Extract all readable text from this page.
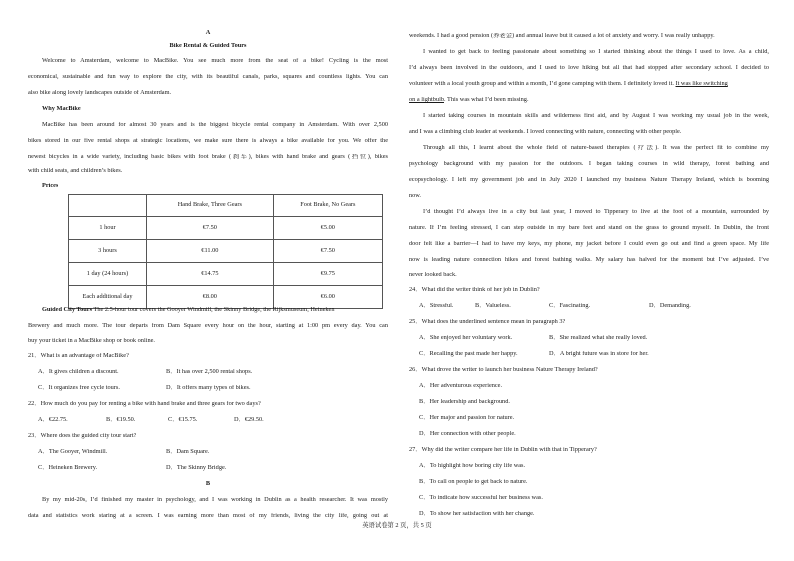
A
Bike Rental & Guided Tours
Welcome to Amsterdam, welcome to MacBike. You see much more from the seat of a bike! Cycling is the most
economical, sustainable and fun way to explore the city, with its beautiful canals, parks, squares and countless lights. You can
also bike along lovely landscapes outside of Amsterdam.
Why MacBike
MacBike has been around for almost 30 years and is the biggest bicycle rental company in Amsterdam. With over 2,500
bikes stored in our five rental shops at strategic locations, we make sure there is always a bike available for you. We offer the
newest bicycles in a wide variety, including basic bikes with foot brake (刹车), bikes with hand brake and gears (挡位), bikes
with child seats, and children’s bikes.
Prices
	Hand Brake, Three Gears	Foot Brake, No Gears
1 hour	€7.50	€5.00
3 hours	€11.00	€7.50
1 day (24 hours)	€14.75	€9.75
Each additional day	€8.00	€6.00
Guided City Tours The 2.5-hour tour covers the Gooyer Windmill, the Skinny Bridge, the Rijksmuseum, Heineken
Brewery and much more. The tour departs from Dam Square every hour on the hour, starting at 1:00 pm every day. You can
buy your ticket in a MacBike shop or book online.
21．What is an advantage of MacBike?
A．It gives children a discount.	B．It has over 2,500 rental shops.
C．It organizes free cycle tours.	D．It offers many types of bikes.
22．How much do you pay for renting a bike with hand brake and three gears for two days?
A．€22.75.	B．€19.50.	C．€15.75.	D．€29.50.
23．Where does the guided city tour start?
A．The Gooyer, Windmill.	B．Dam Square.
C．Heineken Brewery.	D．The Skinny Bridge.
B
By my mid-20s, I’d finished my master in psychology, and I was working in Dublin as a health researcher. It was mostly
data and statistics work staring at a screen. I was earning more than most of my friends, living the city life, going out at
weekends. I had a good pension (养老金) and annual leave but it caused a lot of anxiety and worry. I was really unhappy.
I wanted to get back to feeling passionate about something so I started thinking about the things I used to love. As a child,
I’d always been involved in the outdoors, and I used to love hiking but all that had stopped after secondary school. I decided to
volunteer with a local youth group and within a month, I’d gone camping with them. I definitely loved it. It was like switching
on a lightbulb. This was what I’d been missing.
I started taking courses in mountain skills and wilderness first aid, and by August I was working my usual job in the week,
and I was a climbing club leader at weekends. I loved connecting with nature, connecting with other people.
Through all this, I learnt about the whole field of nature-based therapies (疗法). It was the perfect fit to combine my
psychology background with my passion for the outdoors. I began taking courses in wild therapy, forest bathing and
ecopsychology. I left my government job and in July 2020 I launched my business Nature Therapy Ireland, which is booming
now.
I’d thought I’d always live in a city but last year, I moved to Tipperary to live at the foot of a mountain, surrounded by
nature. If I’m feeling stressed, I can step outside in my bare feet and stand on the grass to ground myself. In Dublin, the front
door felt like a barrier—I had to have my keys, my phone, my jacket before I could even go out and find a green space. My life
now is leading nature connection hikes and forest bathing walks. My salary has halved for the moment but I’ve adjusted. I’ve
never looked back.
24．What did the writer think of her job in Dublin?
A．Stressful.	B．Valueless.	C．Fascinating.	D．Demanding.
25．What does the underlined sentence mean in paragraph 3?
A．She enjoyed her voluntary work.	B．She realized what she really loved.
C．Recalling the past made her happy.	D．A bright future was in store for her.
26．What drove the writer to launch her business Nature Therapy Ireland?
A．Her adventurous experience.
B．Her leadership and background.
C．Her major and passion for nature.
D．Her connection with other people.
27．Why did the writer compare her life in Dublin with that in Tipperary?
A．To highlight how boring city life was.
B．To call on people to get back to nature.
C．To indicate how successful her business was.
D．To show her satisfaction with her change.
英语试卷第 2 页，共 5 页
